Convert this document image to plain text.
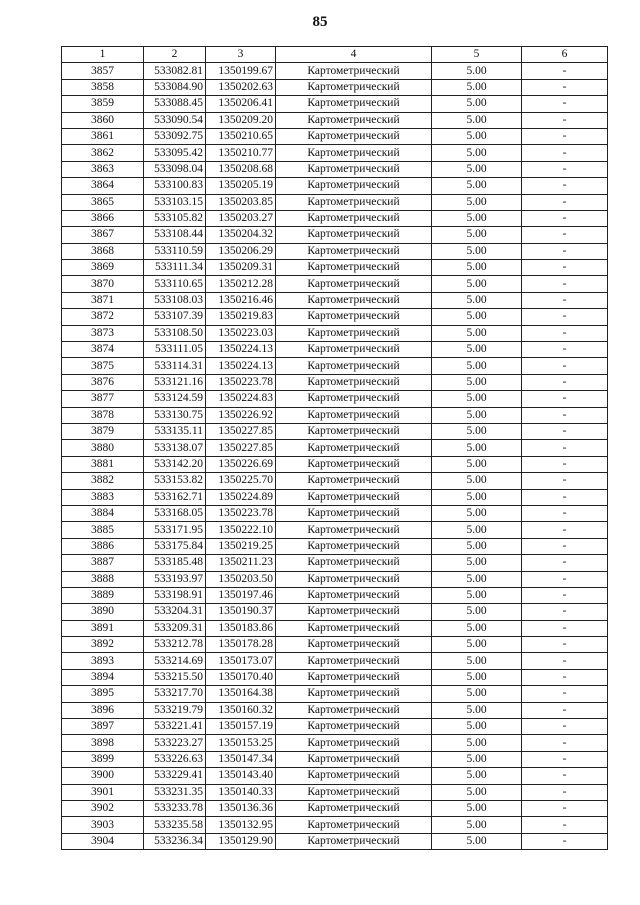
85
1	2	3	4	5	6
3857	533082.81	1350199.67	Картометрический	5.00	-
3858	533084.90	1350202.63	Картометрический	5.00	-
3859	533088.45	1350206.41	Картометрический	5.00	-
3860	533090.54	1350209.20	Картометрический	5.00	-
3861	533092.75	1350210.65	Картометрический	5.00	-
3862	533095.42	1350210.77	Картометрический	5.00	-
3863	533098.04	1350208.68	Картометрический	5.00	-
3864	533100.83	1350205.19	Картометрический	5.00	-
3865	533103.15	1350203.85	Картометрический	5.00	-
3866	533105.82	1350203.27	Картометрический	5.00	-
3867	533108.44	1350204.32	Картометрический	5.00	-
3868	533110.59	1350206.29	Картометрический	5.00	-
3869	533111.34	1350209.31	Картометрический	5.00	-
3870	533110.65	1350212.28	Картометрический	5.00	-
3871	533108.03	1350216.46	Картометрический	5.00	-
3872	533107.39	1350219.83	Картометрический	5.00	-
3873	533108.50	1350223.03	Картометрический	5.00	-
3874	533111.05	1350224.13	Картометрический	5.00	-
3875	533114.31	1350224.13	Картометрический	5.00	-
3876	533121.16	1350223.78	Картометрический	5.00	-
3877	533124.59	1350224.83	Картометрический	5.00	-
3878	533130.75	1350226.92	Картометрический	5.00	-
3879	533135.11	1350227.85	Картометрический	5.00	-
3880	533138.07	1350227.85	Картометрический	5.00	-
3881	533142.20	1350226.69	Картометрический	5.00	-
3882	533153.82	1350225.70	Картометрический	5.00	-
3883	533162.71	1350224.89	Картометрический	5.00	-
3884	533168.05	1350223.78	Картометрический	5.00	-
3885	533171.95	1350222.10	Картометрический	5.00	-
3886	533175.84	1350219.25	Картометрический	5.00	-
3887	533185.48	1350211.23	Картометрический	5.00	-
3888	533193.97	1350203.50	Картометрический	5.00	-
3889	533198.91	1350197.46	Картометрический	5.00	-
3890	533204.31	1350190.37	Картометрический	5.00	-
3891	533209.31	1350183.86	Картометрический	5.00	-
3892	533212.78	1350178.28	Картометрический	5.00	-
3893	533214.69	1350173.07	Картометрический	5.00	-
3894	533215.50	1350170.40	Картометрический	5.00	-
3895	533217.70	1350164.38	Картометрический	5.00	-
3896	533219.79	1350160.32	Картометрический	5.00	-
3897	533221.41	1350157.19	Картометрический	5.00	-
3898	533223.27	1350153.25	Картометрический	5.00	-
3899	533226.63	1350147.34	Картометрический	5.00	-
3900	533229.41	1350143.40	Картометрический	5.00	-
3901	533231.35	1350140.33	Картометрический	5.00	-
3902	533233.78	1350136.36	Картометрический	5.00	-
3903	533235.58	1350132.95	Картометрический	5.00	-
3904	533236.34	1350129.90	Картометрический	5.00	-
